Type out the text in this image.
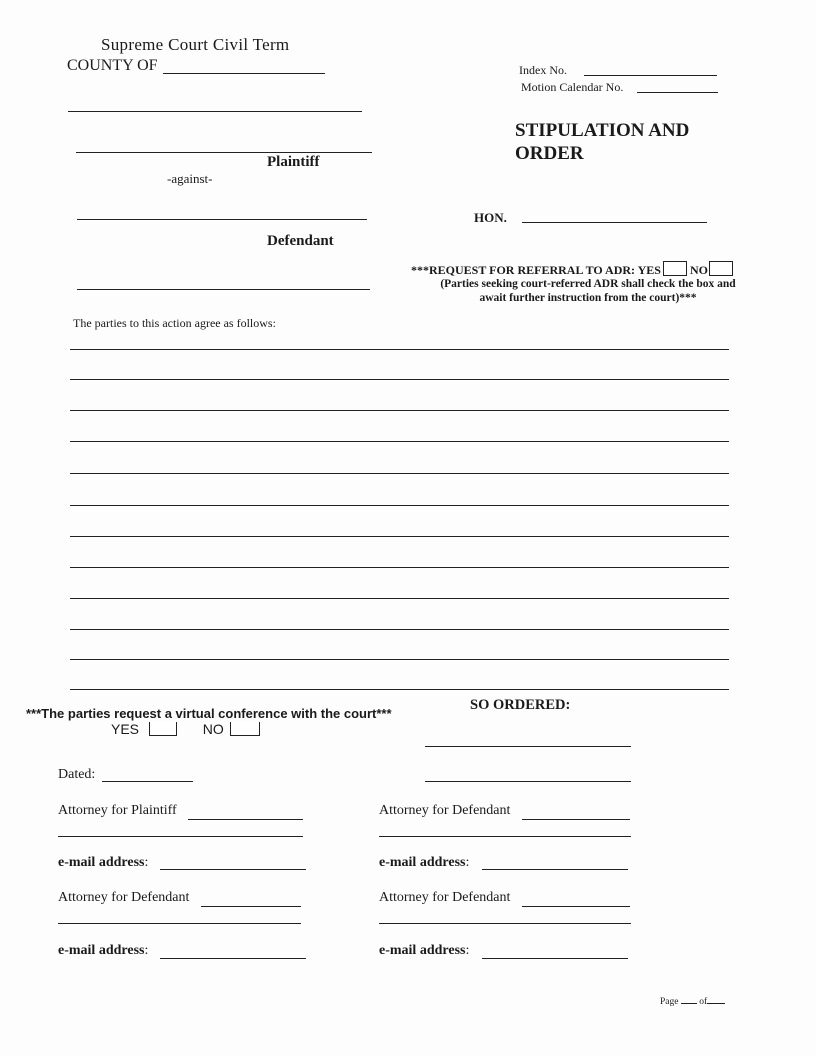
Supreme Court Civil Term
COUNTY OF
Plaintiff
-against-
Defendant
Index No.
Motion Calendar No.
STIPULATION AND
ORDER
HON.
***REQUEST FOR REFERRAL TO ADR: YES NO
(Parties seeking court-referred ADR shall check the box and
await further instruction from the court)***
The parties to this action agree as follows:
***The parties request a virtual conference with the court***
YES	NO
SO ORDERED:
Dated:
Attorney for Plaintiff
e-mail address:
Attorney for Defendant
e-mail address:
Attorney for Defendant
e-mail address:
Attorney for Defendant
e-mail address:
Page of
